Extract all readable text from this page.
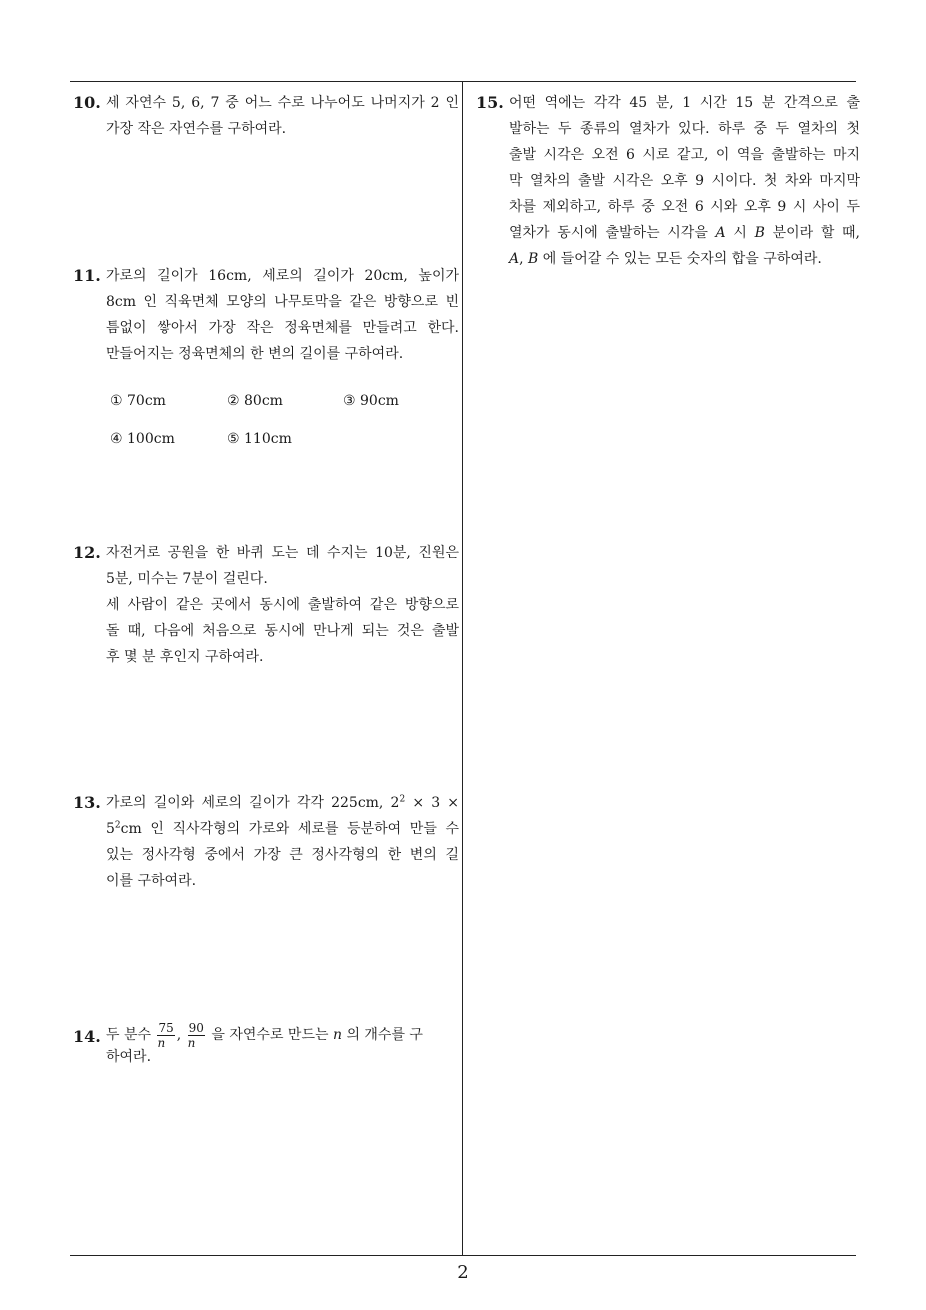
10. 세 자연수 5, 6, 7 중 어느 수로 나누어도 나머지가 2 인
가장 작은 자연수를 구하여라.
11. 가로의 길이가 16cm, 세로의 길이가 20cm, 높이가
8cm 인 직육면체 모양의 나무토막을 같은 방향으로 빈
틈없이 쌓아서 가장 작은 정육면체를 만들려고 한다.
만들어지는 정육면체의 한 변의 길이를 구하여라.
① 70cm	② 80cm	③ 90cm
④ 100cm	⑤ 110cm
12. 자전거로 공원을 한 바퀴 도는 데 수지는 10분, 진원은
5분, 미수는 7분이 걸린다.
세 사람이 같은 곳에서 동시에 출발하여 같은 방향으로
돌 때, 다음에 처음으로 동시에 만나게 되는 것은 출발
후 몇 분 후인지 구하여라.
13. 가로의 길이와 세로의 길이가 각각 225cm, $2^2 \times 3$ ×
$5^2cm$ 인 직사각형의 가로와 세로를 등분하여 만들 수
있는 정사각형 중에서 가장 큰 정사각형의 한 변의 길
이를 구하여라.
14. 두 분수 $\frac{75}{n}$ , $\frac{90}{n}$ 을 자연수로 만드는 n 의 개수를 구
하여라.
15. 어떤 역에는 각각 45 분, 1 시간 15 분 간격으로 출
발하는 두 종류의 열차가 있다. 하루 중 두 열차의 첫
출발 시각은 오전 6 시로 같고, 이 역을 출발하는 마지
막 열차의 출발 시각은 오후 9 시이다. 첫 차와 마지막
차를 제외하고, 하루 중 오전 6 시와 오후 9 시 사이 두
열차가 동시에 출발하는 시각을 A 시 B 분이라 할 때,
A, B 에 들어갈 수 있는 모든 숫자의 합을 구하여라.
2
